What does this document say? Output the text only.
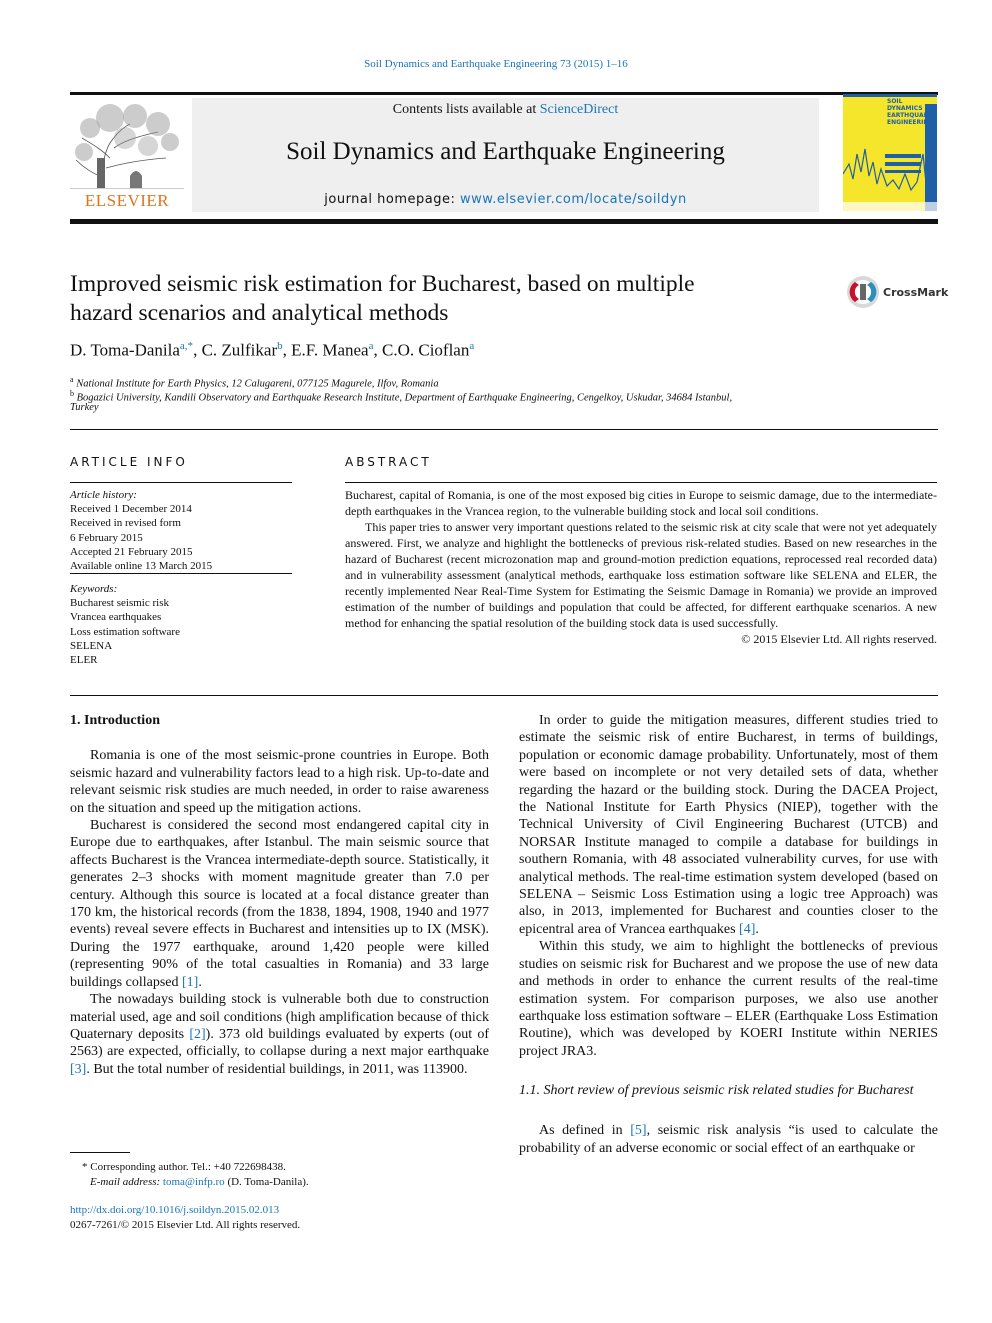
Soil Dynamics and Earthquake Engineering 73 (2015) 1–16
ELSEVIER
Contents lists available at ScienceDirect
Soil Dynamics and Earthquake Engineering
journal homepage: www.elsevier.com/locate/soildyn
SOIL
DYNAMICS
EARTHQUAKE
ENGINEERING
Improved seismic risk estimation for Bucharest, based on multiple
hazard scenarios and analytical methods
CrossMark
D. Toma-Danila$^{a,*}$, C. Zulfikar$^b$, E.F. Manea$^a$, C.O. Cioflan$^a$
$^a$ National Institute for Earth Physics, 12 Calugareni, 077125 Magurele, Ilfov, Romania
$^b$ Bogazici University, Kandili Observatory and Earthquake Research Institute, Department of Earthquake Engineering, Cengelkoy, Uskudar, 34684 Istanbul,
Turkey
ARTICLE INFO
Article history:
Received 1 December 2014
Received in revised form
6 February 2015
Accepted 21 February 2015
Available online 13 March 2015
Keywords:
Bucharest seismic risk
Vrancea earthquakes
Loss estimation software
SELENA
ELER
ABSTRACT

Bucharest, capital of Romania, is one of the most exposed big cities in Europe to seismic damage, due to the intermediate-depth earthquakes in the Vrancea region, to the vulnerable building stock and local soil conditions.

This paper tries to answer very important questions related to the seismic risk at city scale that were not yet adequately answered. First, we analyze and highlight the bottlenecks of previous risk-related studies. Based on new researches in the hazard of Bucharest (recent microzonation map and ground-motion prediction equations, reprocessed real recorded data) and in vulnerability assessment (analytical methods, earthquake loss estimation software like SELENA and ELER, the recently implemented Near Real-Time System for Estimating the Seismic Damage in Romania) we provide an improved estimation of the number of buildings and population that could be affected, for different earthquake scenarios. A new method for enhancing the spatial resolution of the building stock data is used successfully.

© 2015 Elsevier Ltd. All rights reserved.

1. Introduction

Romania is one of the most seismic-prone countries in Europe. Both seismic hazard and vulnerability factors lead to a high risk. Up-to-date and relevant seismic risk studies are much needed, in order to raise awareness on the situation and speed up the mitigation actions.

Bucharest is considered the second most endangered capital city in Europe due to earthquakes, after Istanbul. The main seismic source that affects Bucharest is the Vrancea intermediate-depth source. Statistically, it generates 2–3 shocks with moment magnitude greater than 7.0 per century. Although this source is located at a focal distance greater than 170 km, the historical records (from the 1838, 1894, 1908, 1940 and 1977 events) reveal severe effects in Bucharest and intensities up to IX (MSK). During the 1977 earthquake, around 1,420 people were killed (representing 90% of the total casualties in Romania) and 33 large buildings collapsed [1].

The nowadays building stock is vulnerable both due to construction material used, age and soil conditions (high amplification because of thick Quaternary deposits [2]). 373 old buildings evaluated by experts (out of 2563) are expected, officially, to collapse during a next major earthquake [3]. But the total number of residential buildings, in 2011, was 113900.

In order to guide the mitigation measures, different studies tried to estimate the seismic risk of entire Bucharest, in terms of buildings, population or economic damage probability. Unfortunately, most of them were based on incomplete or not very detailed sets of data, whether regarding the hazard or the building stock. During the DACEA Project, the National Institute for Earth Physics (NIEP), together with the Technical University of Civil Engineering Bucharest (UTCB) and NORSAR Institute managed to compile a database for buildings in southern Romania, with 48 associated vulnerability curves, for use with analytical methods. The real-time estimation system developed (based on SELENA – Seismic Loss Estimation using a logic tree Approach) was also, in 2013, implemented for Bucharest and counties closer to the epicentral area of Vrancea earthquakes [4].

Within this study, we aim to highlight the bottlenecks of previous studies on seismic risk for Bucharest and we propose the use of new data and methods in order to enhance the current results of the real-time estimation system. For comparison purposes, we also use another earthquake loss estimation software – ELER (Earthquake Loss Estimation Routine), which was developed by KOERI Institute within NERIES project JRA3.

1.1. Short review of previous seismic risk related studies for Bucharest

As defined in [5], seismic risk analysis “is used to calculate the probability of an adverse economic or social effect of an earthquake or

* Corresponding author. Tel.: +40 722698438.
E-mail address: toma@infp.ro (D. Toma-Danila).
http://dx.doi.org/10.1016/j.soildyn.2015.02.013
0267-7261/© 2015 Elsevier Ltd. All rights reserved.
